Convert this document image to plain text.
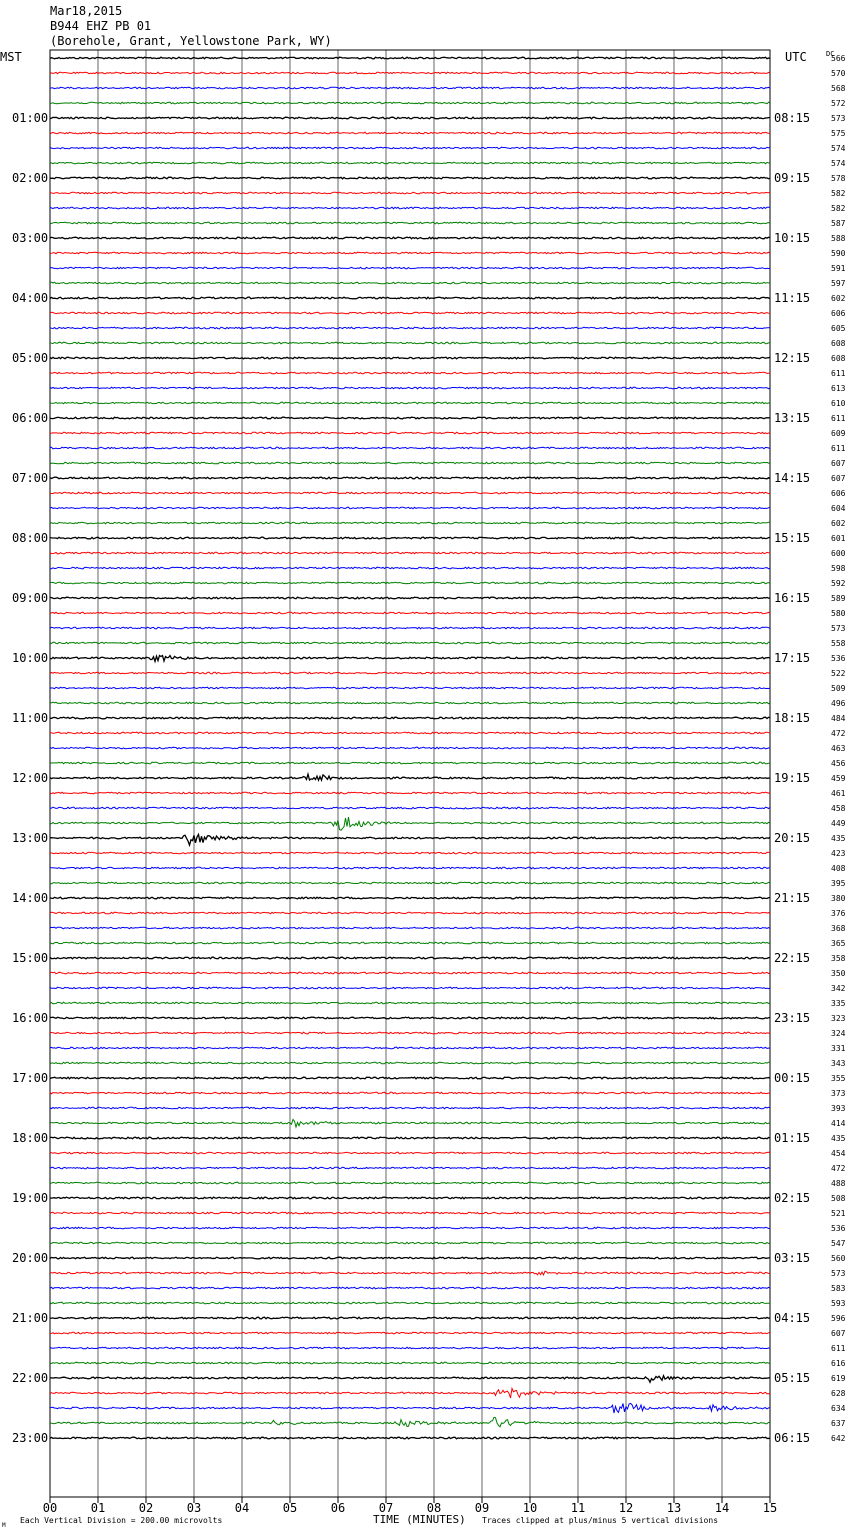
Mar18,2015
B944 EHZ PB 01
(Borehole, Grant, Yellowstone Park, WY)
566
570
568
572
573
01:00	08:15
575
574
574
578
02:00	09:15
582
582
587
588
03:00	10:15
590
591
597
602
04:00	11:15
606
605
608
608
05:00	12:15
611
613
610
611
06:00	13:15
609
611
607
607
07:00	14:15
606
604
602
601
08:00	15:15
600
598
592
589
09:00	16:15
580
573
558
536
10:00	17:15
522
509
496
484
11:00	18:15
472
463
456
459
12:00	19:15
461
458
449
435
13:00	20:15
423
408
395
380
14:00	21:15
376
368
365
358
15:00	22:15
350
342
335
323
16:00	23:15
324
331
343
355
17:00	00:15
373
393
414
435
18:00	01:15
454
472
488
508
19:00	02:15
521
536
547
560
20:00	03:15
573
583
593
596
21:00	04:15
607
611
616
619
22:00	05:15
628
634
637
642
23:00	06:15
MST	UTC	DC
00	01	02	03	04	05	06	07	08	09	10	11	12	13	14	15
M
Each Vertical Division = 200.00 microvolts	TIME (MINUTES) Traces clipped at plus/minus 5 vertical divisions
